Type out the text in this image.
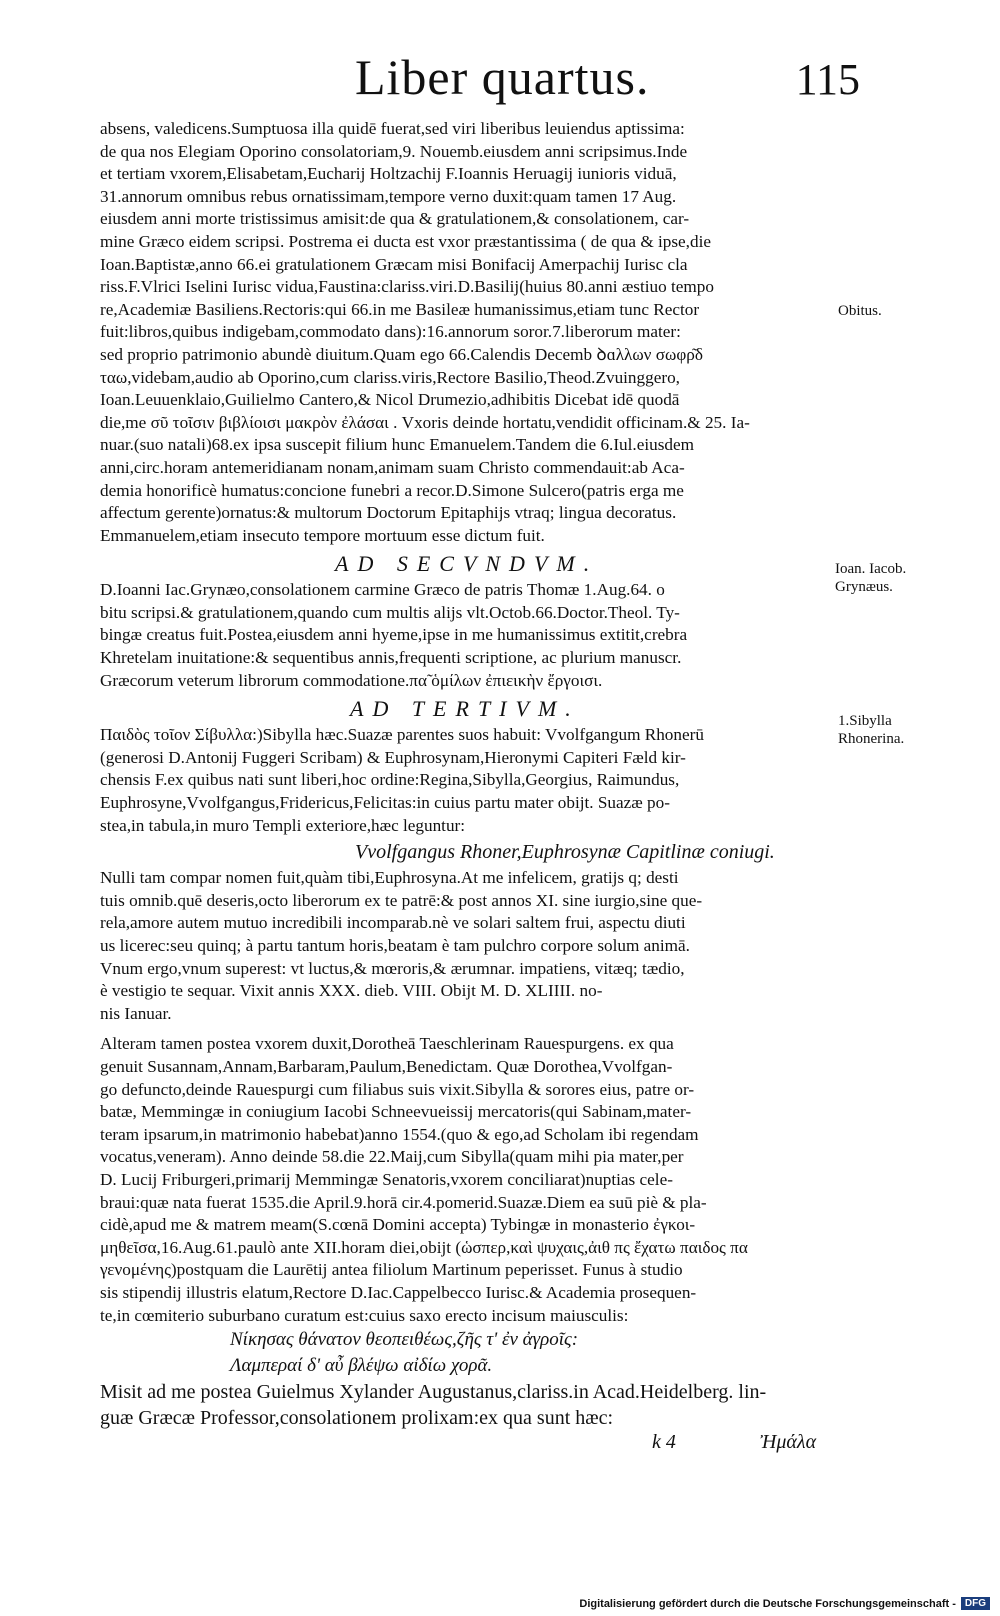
Liber quartus.	115
absens, valedicens.Sumptuosa illa quidē fuerat,sed viri liberibus leuiendus aptissima:
de qua nos Elegiam Oporino consolatoriam,9. Nouemb.eiusdem anni scripsimus.Inde
et tertiam vxorem,Elisabetam,Eucharij Holtzachij F.Ioannis Heruagij iunioris viduā,
31.annorum omnibus rebus ornatissimam,tempore verno duxit:quam tamen 17 Aug.
eiusdem anni morte tristissimus amisit:de qua & gratulationem,& consolationem, car-
mine Græco eidem scripsi. Postrema ei ducta est vxor præstantissima ( de qua & ipse,die
Ioan.Baptistæ,anno 66.ei gratulationem Græcam misi Bonifacij Amerpachij Iurisc cla
riss.F.Vlrici Iselini Iurisc vidua,Faustina:clariss.viri.D.Basilij(huius 80.anni æstiuo tempo
re,Academiæ Basiliens.Rectoris:qui 66.in me Basileæ humanissimus,etiam tunc Rector
fuit:libros,quibus indigebam,commodato dans):16.annorum soror.7.liberorum mater:
sed proprio patrimonio abundè diuitum.Quam ego 66.Calendis Decemb ꝺɑλλων σωφρ͂δ
ταω,videbam,audio ab Oporino,cum clariss.viris,Rectore Basilio,Theod.Zvuinggero,
Ioan.Leuuenklaio,Guilielmo Cantero,& Nicol Drumezio,adhibitis Dicebat idē quodā
die,me σῦ τοῖσιν βιβλίοισι μακρὸν ἐλάσαι . Vxoris deinde hortatu,vendidit officinam.& 25. Ia-
nuar.(suo natali)68.ex ipsa suscepit filium hunc Emanuelem.Tandem die 6.Iul.eiusdem
anni,circ.horam antemeridianam nonam,animam suam Christo commendauit:ab Aca-
demia honorificè humatus:concione funebri a recor.D.Simone Sulcero(patris erga me
affectum gerente)ornatus:& multorum Doctorum Epitaphijs vtraq; lingua decoratus.
Emmanuelem,etiam insecuto tempore mortuum esse dictum fuit.
AD SECVNDVM.
D.Ioanni Iac.Grynæo,consolationem carmine Græco de patris Thomæ 1.Aug.64. o
bitu scripsi.& gratulationem,quando cum multis alijs vlt.Octob.66.Doctor.Theol. Ty-
bingæ creatus fuit.Postea,eiusdem anni hyeme,ipse in me humanissimus extitit,crebra
Khretelam inuitatione:& sequentibus annis,frequenti scriptione, ac plurium manuscr.
Græcorum veterum librorum commodatione.πα̃ ὁμίλων ἐπιεικὴν ἔργοισι.
AD TERTIVM.
Παιδὸς τοῖον Σίβυλλα:)Sibylla hæc.Suazæ parentes suos habuit: Vvolfgangum Rhonerū
(generosi D.Antonij Fuggeri Scribam) & Euphrosynam,Hieronymi Capiteri Fæld kir-
chensis F.ex quibus nati sunt liberi,hoc ordine:Regina,Sibylla,Georgius, Raimundus,
Euphrosyne,Vvolfgangus,Fridericus,Felicitas:in cuius partu mater obijt. Suazæ po-
stea,in tabula,in muro Templi exteriore,hæc leguntur:
Vvolfgangus Rhoner,Euphrosynæ Capitlinæ coniugi.
Nulli tam compar nomen fuit,quàm tibi,Euphrosyna.At me infelicem, gratijs q; desti
tuis omnib.quē deseris,octo liberorum ex te patrē:& post annos XI. sine iurgio,sine que-
rela,amore autem mutuo incredibili incomparab.nè ve solari saltem frui, aspectu diuti
us licerec:seu quinq; à partu tantum horis,beatam è tam pulchro corpore solum animā.
Vnum ergo,vnum superest: vt luctus,& mœroris,& ærumnar. impatiens, vitæq; tædio,
è vestigio te sequar. Vixit annis XXX. dieb. VIII. Obijt M. D. XLIIII. no-
nis Ianuar.
Alteram tamen postea vxorem duxit,Dorotheā Taeschlerinam Rauespurgens. ex qua
genuit Susannam,Annam,Barbaram,Paulum,Benedictam. Quæ Dorothea,Vvolfgan-
go defuncto,deinde Rauespurgi cum filiabus suis vixit.Sibylla & sorores eius, patre or-
batæ, Memmingæ in coniugium Iacobi Schneevueissij mercatoris(qui Sabinam,mater-
teram ipsarum,in matrimonio habebat)anno 1554.(quo & ego,ad Scholam ibi regendam
vocatus,veneram). Anno deinde 58.die 22.Maij,cum Sibylla(quam mihi pia mater,per
D. Lucij Friburgeri,primarij Memmingæ Senatoris,vxorem conciliarat)nuptias cele-
braui:quæ nata fuerat 1535.die April.9.horā cir.4.pomerid.Suazæ.Diem ea suū piè & pla-
cidè,apud me & matrem meam(S.cœnā Domini accepta) Tybingæ in monasterio ἐγκοι-
μηθεῖσα,16.Aug.61.paulò ante XII.horam diei,obijt (ὡσπερ,καὶ ψυχαις,ἀιθ πς ἔχατω παιδος πα
γενομένης)postquam die Laurētij antea filiolum Martinum peperisset. Funus à studio
sis stipendij illustris elatum,Rectore D.Iac.Cappelbecco Iurisc.& Academia prosequen-
te,in cœmiterio suburbano curatum est:cuius saxo erecto incisum maiusculis:
Νίκησας θάνατον θεοπειθέως,ζῆς τ' ἐν ἀγροῖς:
Λαμπεραί δ' αὖ βλέψω αἰδίω χορᾶ.
Misit ad me postea Guielmus Xylander Augustanus,clariss.in Acad.Heidelberg. lin-
guæ Græcæ Professor,consolationem prolixam:ex qua sunt hæc:
k 4	Ἠμάλα
Obitus.
Ioan. Iacob.
Grynæus.
1.Sibylla
Rhonerina.
Digitalisierung gefördert durch die Deutsche Forschungsgemeinschaft - DFG
